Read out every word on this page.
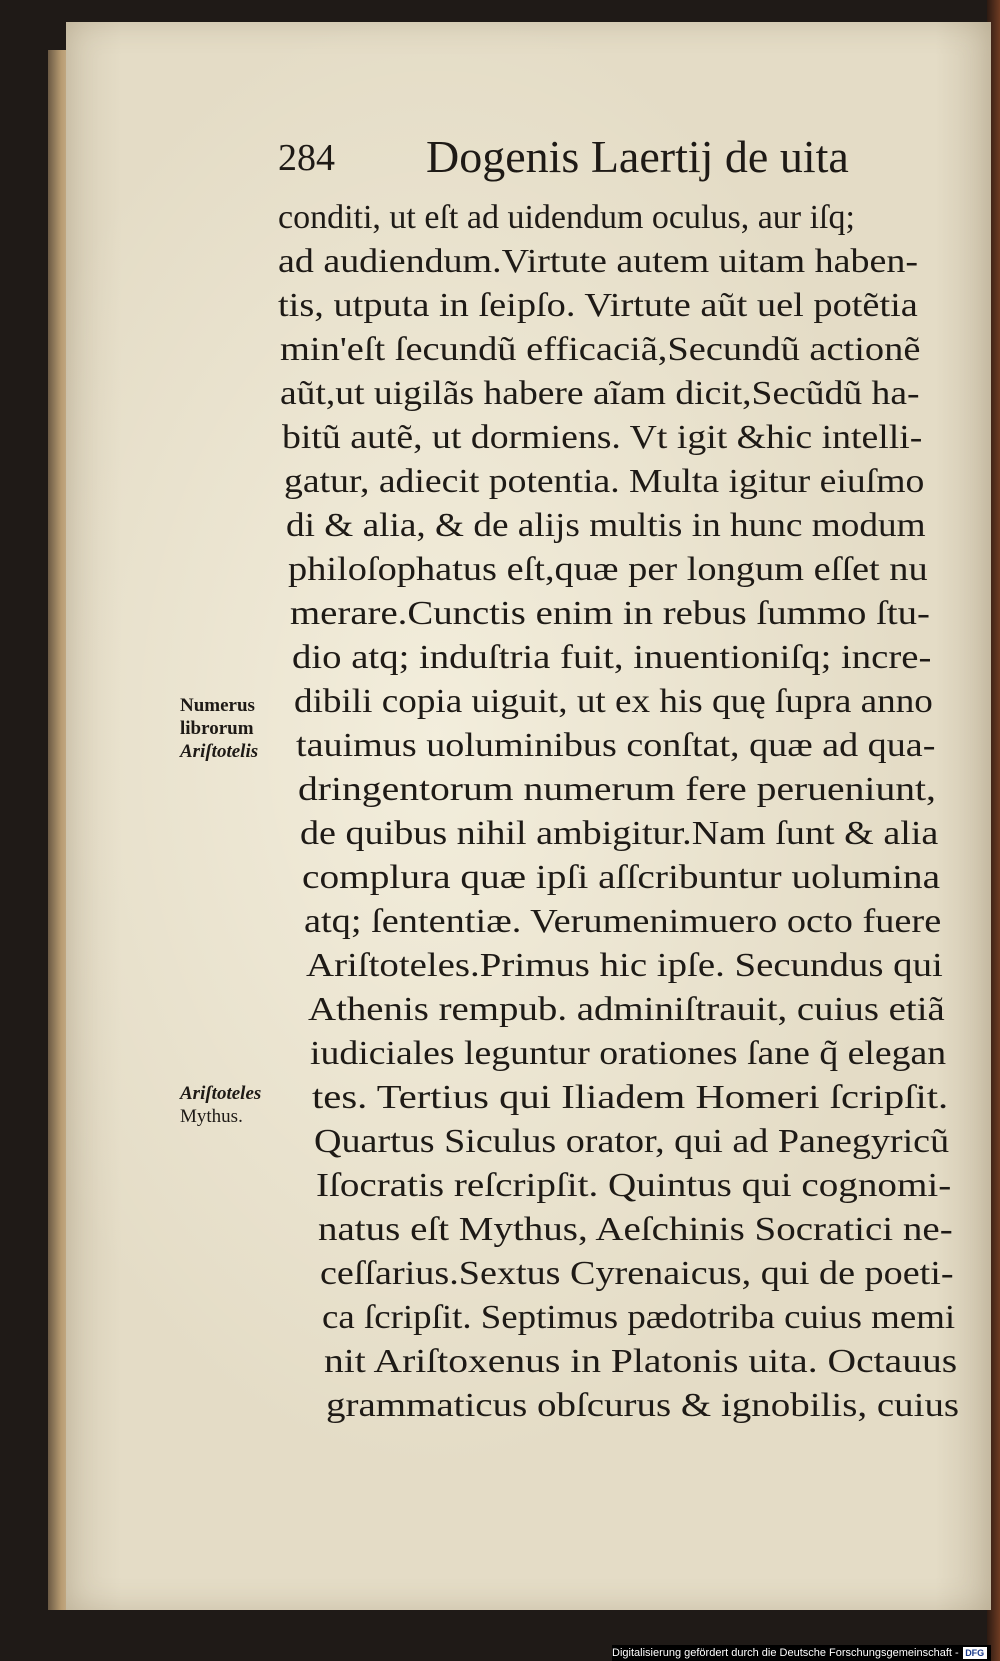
284 Dogenis Laertij de uita
conditi, ut eſt ad uidendum oculus, aur iſq;
ad audiendum.Virtute autem uitam haben-
tis, utputa in ſeipſo. Virtute aũt uel potẽtia
min'eſt ſecundũ efficaciã,Secundũ actionẽ
aũt,ut uigilãs habere aĩam dicit,Secũdũ ha-
bitũ autẽ, ut dormiens. Vt igit &hic intelli-
gatur, adiecit potentia. Multa igitur eiuſmo
di & alia, & de alijs multis in hunc modum
philoſophatus eſt,quæ per longum eſſet nu
merare.Cunctis enim in rebus ſummo ſtu-
dio atq; induſtria fuit, inuentioniſq; incre-
dibili copia uiguit, ut ex his quę ſupra anno
tauimus uoluminibus conſtat, quæ ad qua-
dringentorum numerum fere perueniunt,
de quibus nihil ambigitur.Nam ſunt & alia
complura quæ ipſi aſſcribuntur uolumina
atq; ſententiæ. Verumenimuero octo fuere
Ariſtoteles.Primus hic ipſe. Secundus qui
Athenis rempub. adminiſtrauit, cuius etiã
iudiciales leguntur orationes ſane q̃ elegan
tes. Tertius qui Iliadem Homeri ſcripſit.
Quartus Siculus orator, qui ad Panegyricũ
Iſocratis reſcripſit. Quintus qui cognomi-
natus eſt Mythus, Aeſchinis Socratici ne-
ceſſarius.Sextus Cyrenaicus, qui de poeti-
ca ſcripſit. Septimus pædotriba cuius memi
nit Ariſtoxenus in Platonis uita. Octauus
grammaticus obſcurus & ignobilis, cuius
Numerus
librorum
Ariſtotelis
Ariſtoteles
Mythus.
Digitalisierung gefördert durch die Deutsche Forschungsgemeinschaft - DFG
